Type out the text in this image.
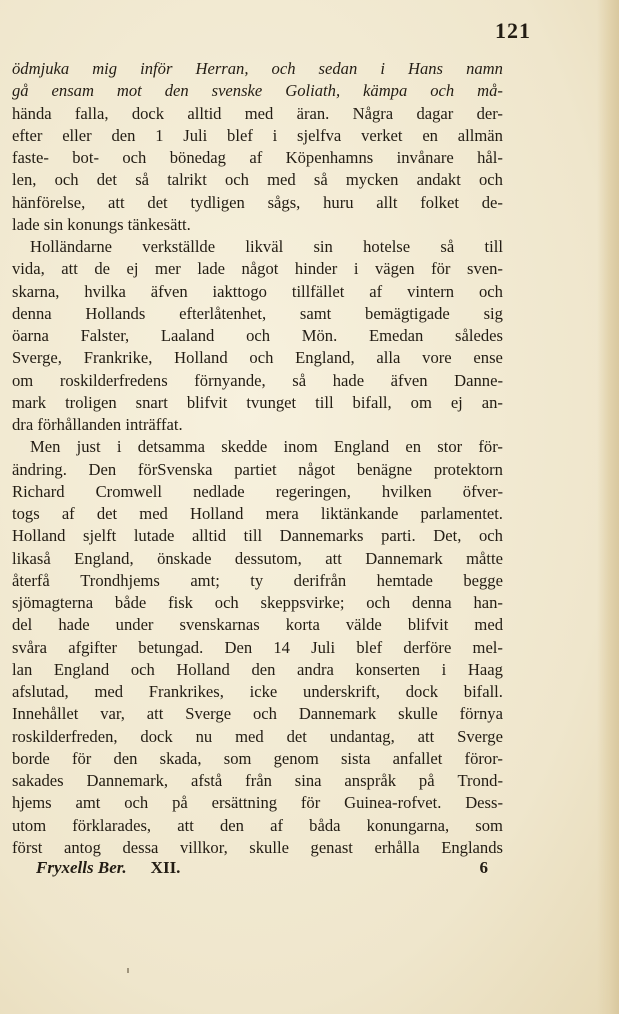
121
ödmjuka mig inför Herran, och sedan i Hans namn
gå ensam mot den svenske Goliath, kämpa och må-
hända falla, dock alltid med äran. Några dagar der-
efter eller den 1 Juli blef i sjelfva verket en allmän
faste- bot- och bönedag af Köpenhamns invånare hål-
len, och det så talrikt och med så mycken andakt och
hänförelse, att det tydligen sågs, huru allt folket de-
lade sin konungs tänkesätt.
Holländarne verkställde likväl sin hotelse så till
vida, att de ej mer lade något hinder i vägen för sven-
skarna, hvilka äfven iakttogo tillfället af vintern och
denna Hollands efterlåtenhet, samt bemägtigade sig
öarna Falster, Laaland och Mön. Emedan således
Sverge, Frankrike, Holland och England, alla vore ense
om roskilderfredens förnyande, så hade äfven Danne-
mark troligen snart blifvit tvunget till bifall, om ej an-
dra förhållanden inträffat.
Men just i detsamma skedde inom England en stor för-
ändring. Den förSvenska partiet något benägne protektorn
Richard Cromwell nedlade regeringen, hvilken öfver-
togs af det med Holland mera liktänkande parlamentet.
Holland sjelft lutade alltid till Dannemarks parti. Det, och
likaså England, önskade dessutom, att Dannemark måtte
återfå Trondhjems amt; ty derifrån hemtade begge
sjömagterna både fisk och skeppsvirke; och denna han-
del hade under svenskarnas korta välde blifvit med
svåra afgifter betungad. Den 14 Juli blef derföre mel-
lan England och Holland den andra konserten i Haag
afslutad, med Frankrikes, icke underskrift, dock bifall.
Innehållet var, att Sverge och Dannemark skulle förnya
roskilderfreden, dock nu med det undantag, att Sverge
borde för den skada, som genom sista anfallet föror-
sakades Dannemark, afstå från sina anspråk på Trond-
hjems amt och på ersättning för Guinea-rofvet. Dess-
utom förklarades, att den af båda konungarna, som
först antog dessa villkor, skulle genast erhålla Englands
Fryxells Ber. XII.	6
